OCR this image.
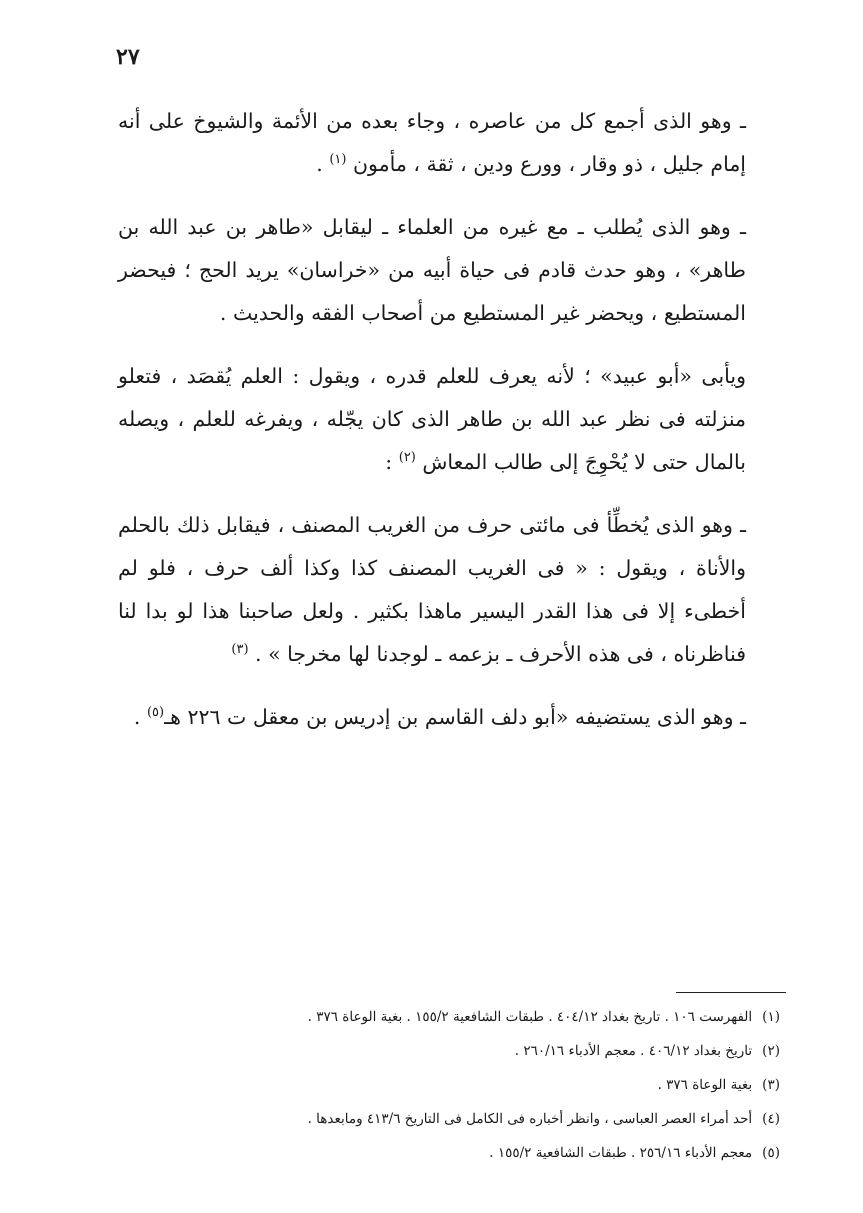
٢٧

ـ وهو الذى أجمع كل من عاصره ، وجاء بعده من الأئمة والشيوخ على أنه إمام جليل ، ذو وقار ، وورع ودين ، ثقة ، مأمون $^{(١)}$ .

ـ وهو الذى يُطلب ـ مع غيره من العلماء ـ ليقابل «طاهر بن عبد الله بن طاهر» ، وهو حدث قادم فى حياة أبيه من «خراسان» يريد الحج ؛ فيحضر المستطيع ، ويحضر غير المستطيع من أصحاب الفقه والحديث .

ويأبى «أبو عبيد» ؛ لأنه يعرف للعلم قدره ، ويقول : العلم يُقصَد ، فتعلو منزلته فى نظر عبد الله بن طاهر الذى كان يجّله ، ويفرغه للعلم ، ويصله بالمال حتى لا يُحْوِجَ إلى طالب المعاش $^{(٢)}$ :

ـ وهو الذى يُخطِّأ فى مائتى حرف من الغريب المصنف ، فيقابل ذلك بالحلم والأناة ، ويقول : « فى الغريب المصنف كذا وكذا ألف حرف ، فلو لم أخطىء إلا فى هذا القدر اليسير ماهذا بكثير . ولعل صاحبنا هذا لو بدا لنا فناظرناه ، فى هذه الأحرف ـ بزعمه ـ لوجدنا لها مخرجا » . $^{(٣)}$

ـ وهو الذى يستضيفه «أبو دلف القاسم بن إدريس بن معقل ت ٢٢٦ هـ$^{(٥)}$ .

(١)الفهرست ١٠٦ . تاريخ بغداد ٤٠٤/١٢ . طبقات الشافعية ١٥٥/٢ . بغية الوعاة ٣٧٦ .
(٢)تاريخ بغداد ٤٠٦/١٢ . معجم الأدباء ٢٦٠/١٦ .
(٣)بغية الوعاة ٣٧٦ .
(٤)أحد أمراء العصر العباسى ، وانظر أخباره فى الكامل فى التاريخ ٤١٣/٦ ومابعدها .
(٥)معجم الأدباء ٢٥٦/١٦ . طبقات الشافعية ١٥٥/٢ .
